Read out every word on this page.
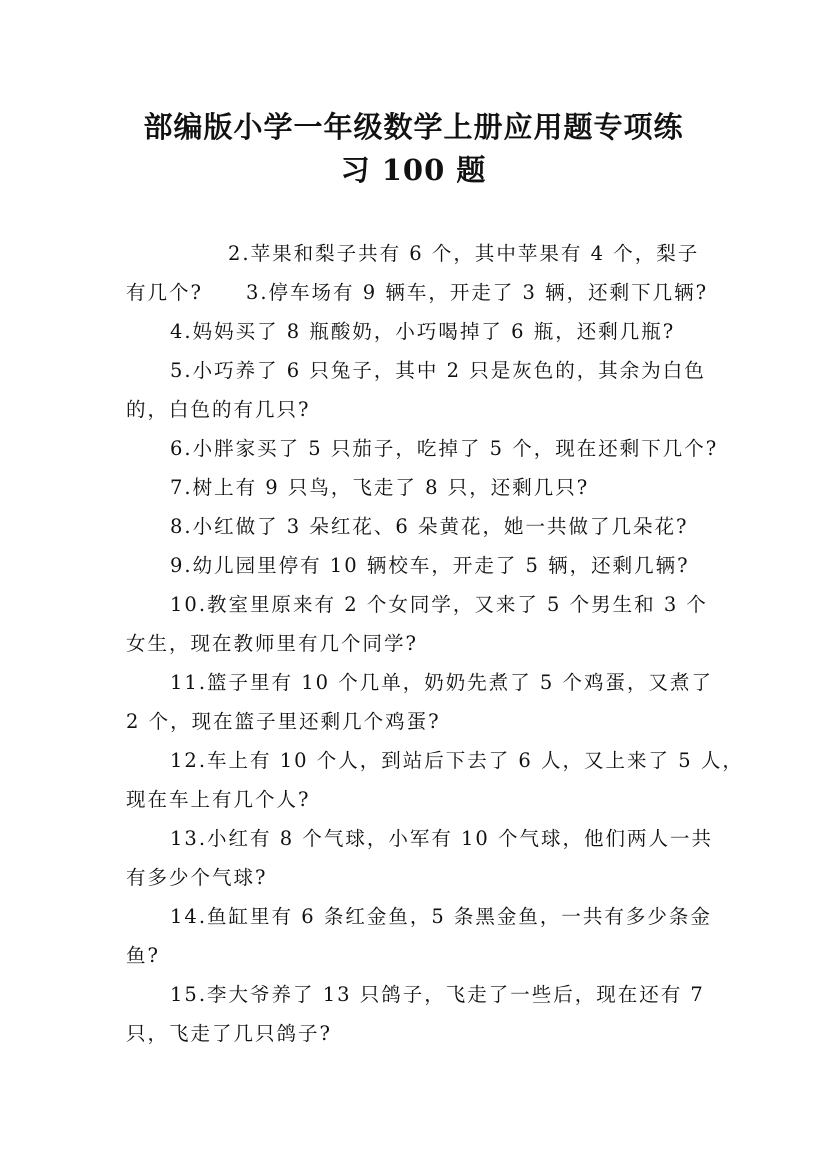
部编版小学一年级数学上册应用题专项练
习 100 题
2.苹果和梨子共有 6 个，其中苹果有 4 个，梨子
有几个?　　3.停车场有 9 辆车，开走了 3 辆，还剩下几辆?
4.妈妈买了 8 瓶酸奶，小巧喝掉了 6 瓶，还剩几瓶?
5.小巧养了 6 只兔子，其中 2 只是灰色的，其余为白色
的，白色的有几只?
6.小胖家买了 5 只茄子，吃掉了 5 个，现在还剩下几个?
7.树上有 9 只鸟，飞走了 8 只，还剩几只?
8.小红做了 3 朵红花、6 朵黄花，她一共做了几朵花?
9.幼儿园里停有 10 辆校车，开走了 5 辆，还剩几辆?
10.教室里原来有 2 个女同学，又来了 5 个男生和 3 个
女生，现在教师里有几个同学?
11.篮子里有 10 个几单，奶奶先煮了 5 个鸡蛋，又煮了
2 个，现在篮子里还剩几个鸡蛋?
12.车上有 10 个人，到站后下去了 6 人，又上来了 5 人，
现在车上有几个人?
13.小红有 8 个气球，小军有 10 个气球，他们两人一共
有多少个气球?
14.鱼缸里有 6 条红金鱼，5 条黑金鱼，一共有多少条金
鱼?
15.李大爷养了 13 只鸽子，飞走了一些后，现在还有 7
只，飞走了几只鸽子?
